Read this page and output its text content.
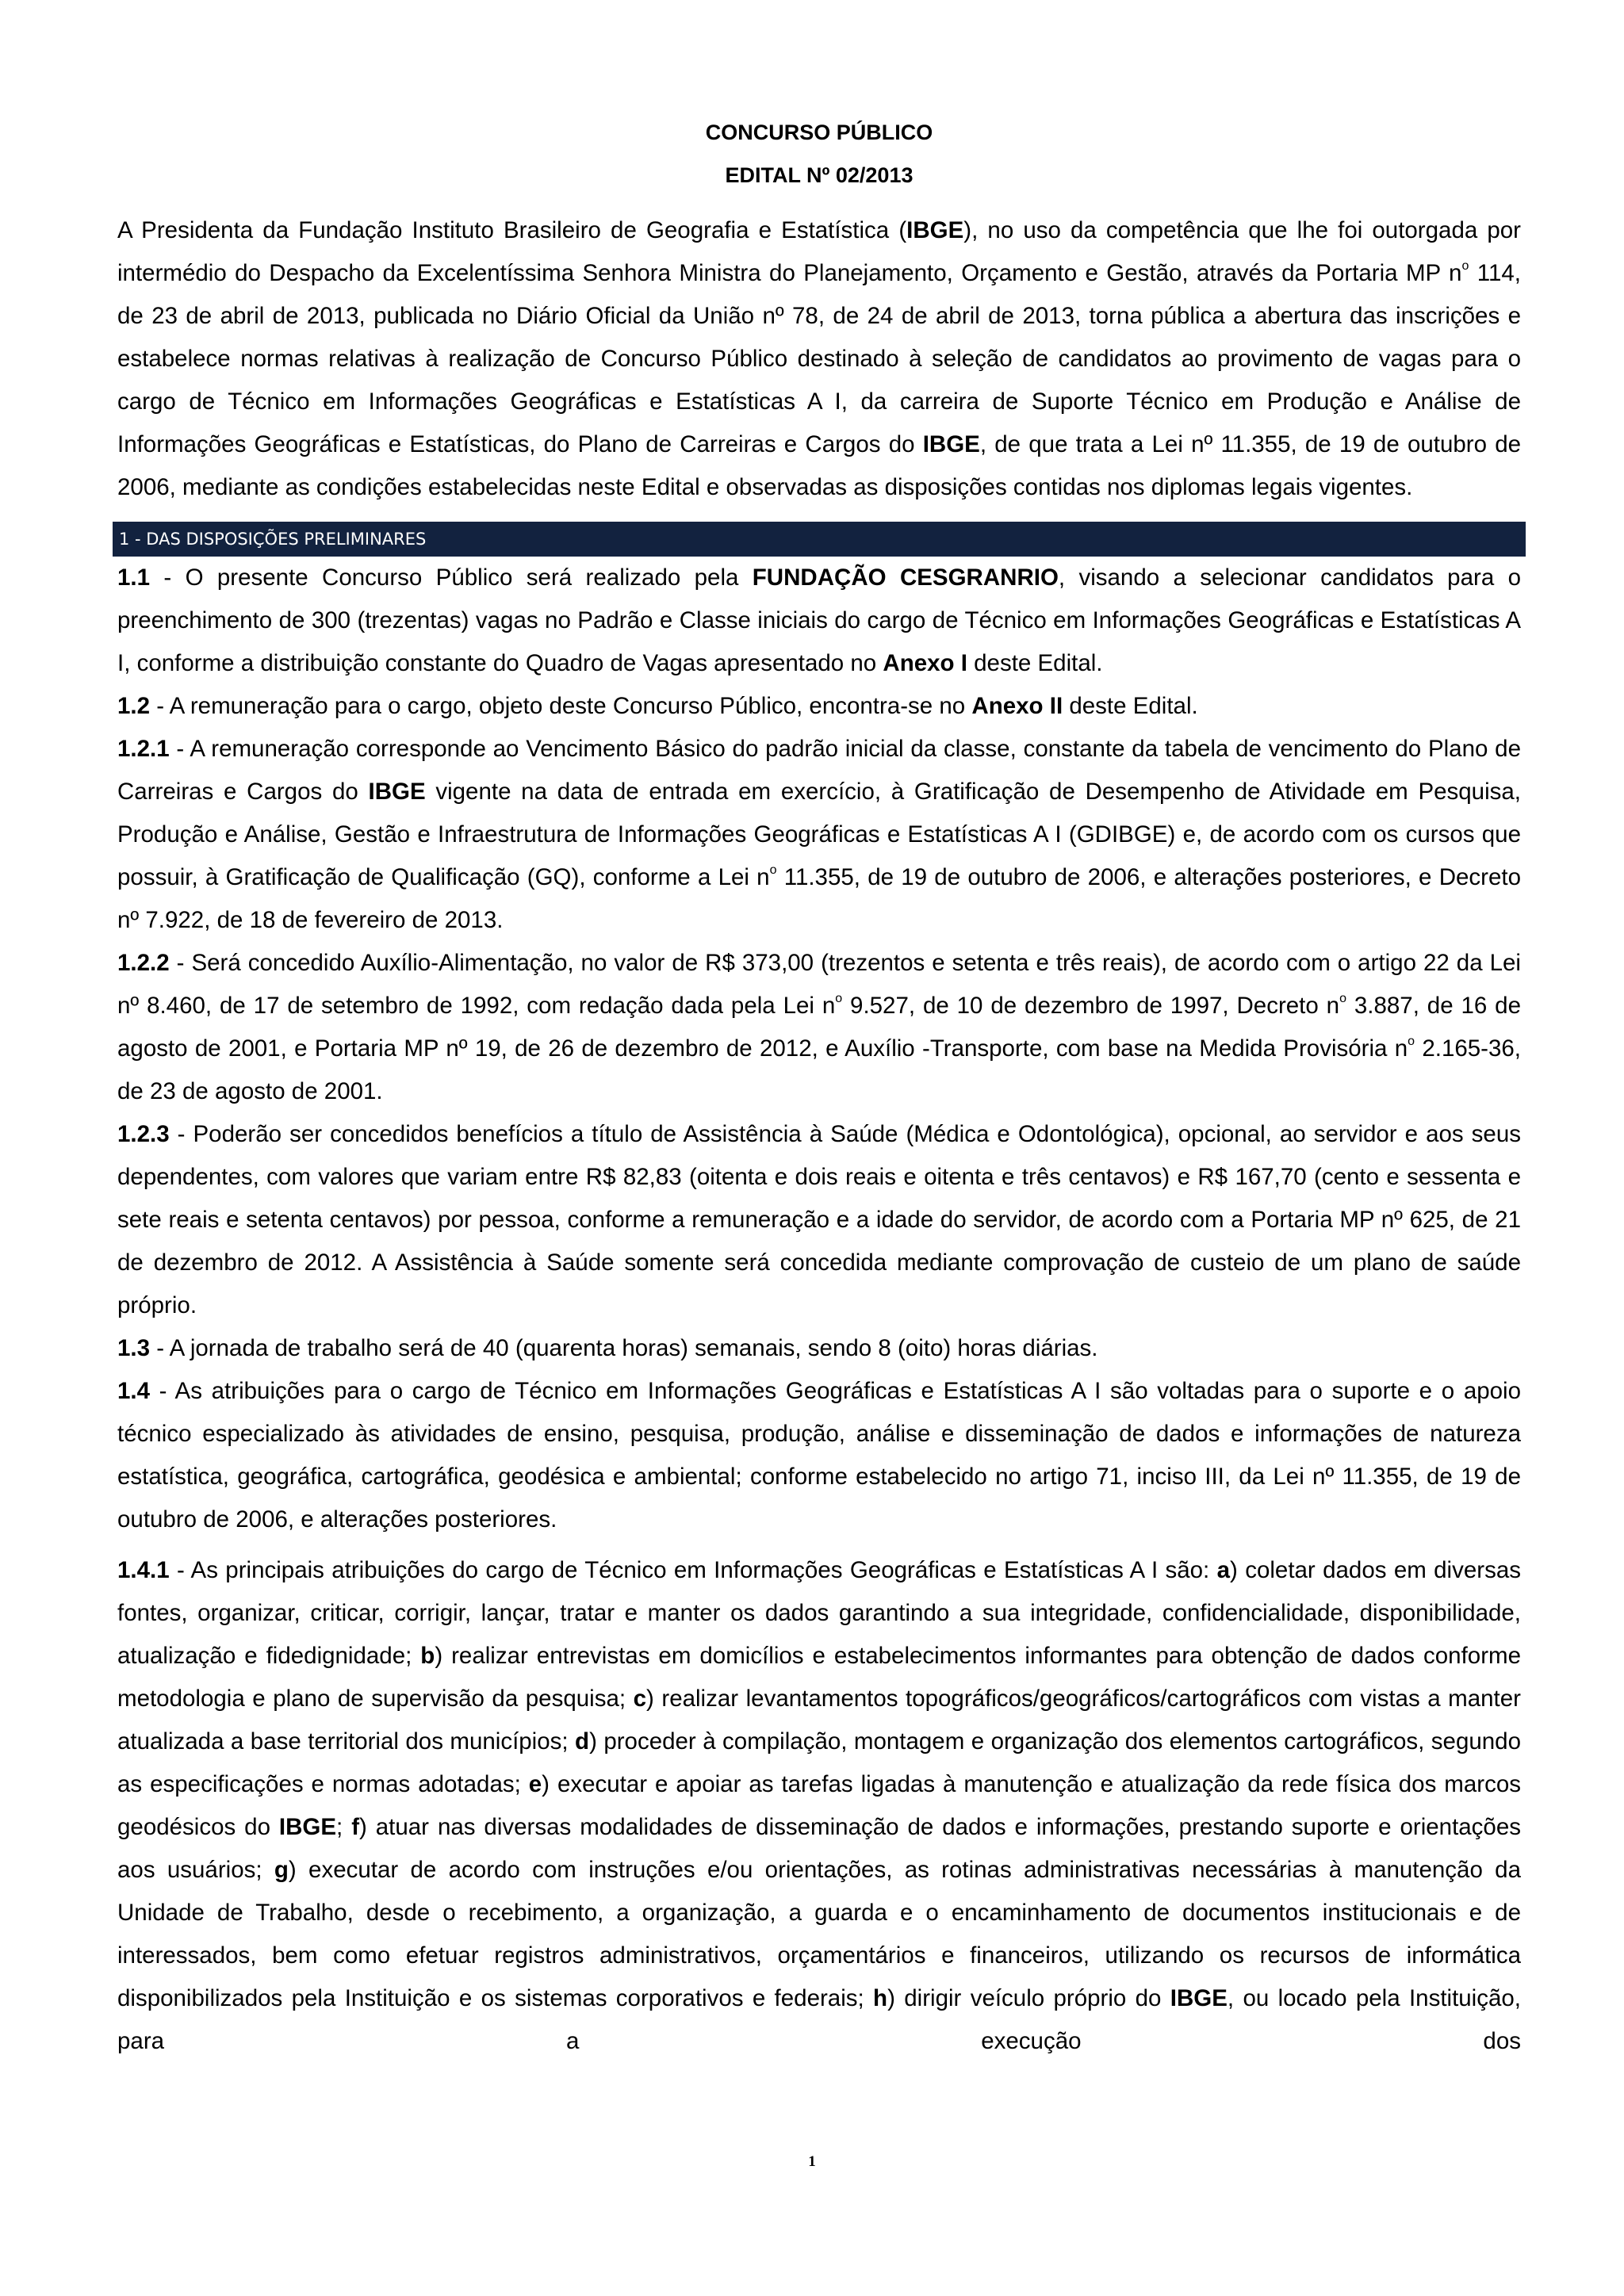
CONCURSO PÚBLICO
EDITAL Nº 02/2013

A Presidenta da Fundação Instituto Brasileiro de Geografia e Estatística (IBGE), no uso da competência que lhe foi outorgada por intermédio do Despacho da Excelentíssima Senhora Ministra do Planejamento, Orçamento e Gestão, através da Portaria MP $n^o$ 114, de 23 de abril de 2013, publicada no Diário Oficial da União nº 78, de 24 de abril de 2013, torna pública a abertura das inscrições e estabelece normas relativas à realização de Concurso Público destinado à seleção de candidatos ao provimento de vagas para o cargo de Técnico em Informações Geográficas e Estatísticas A I, da carreira de Suporte Técnico em Produção e Análise de Informações Geográficas e Estatísticas, do Plano de Carreiras e Cargos do IBGE, de que trata a Lei nº 11.355, de 19 de outubro de 2006, mediante as condições estabelecidas neste Edital e observadas as disposições contidas nos diplomas legais vigentes.

1 - DAS DISPOSIÇÕES PRELIMINARES

1.1 - O presente Concurso Público será realizado pela FUNDAÇÃO CESGRANRIO, visando a selecionar candidatos para o preenchimento de 300 (trezentas) vagas no Padrão e Classe iniciais do cargo de Técnico em Informações Geográficas e Estatísticas A I, conforme a distribuição constante do Quadro de Vagas apresentado no Anexo I deste Edital.

1.2 - A remuneração para o cargo, objeto deste Concurso Público, encontra-se no Anexo II deste Edital.

1.2.1 - A remuneração corresponde ao Vencimento Básico do padrão inicial da classe, constante da tabela de vencimento do Plano de Carreiras e Cargos do IBGE vigente na data de entrada em exercício, à Gratificação de Desempenho de Atividade em Pesquisa, Produção e Análise, Gestão e Infraestrutura de Informações Geográficas e Estatísticas A I (GDIBGE) e, de acordo com os cursos que possuir, à Gratificação de Qualificação (GQ), conforme a Lei $n^o$ 11.355, de 19 de outubro de 2006, e alterações posteriores, e Decreto nº 7.922, de 18 de fevereiro de 2013.

1.2.2 - Será concedido Auxílio-Alimentação, no valor de R$ 373,00 (trezentos e setenta e três reais), de acordo com o artigo 22 da Lei nº 8.460, de 17 de setembro de 1992, com redação dada pela Lei $n^o$ 9.527, de 10 de dezembro de 1997, Decreto $n^o$ 3.887, de 16 de agosto de 2001, e Portaria MP nº 19, de 26 de dezembro de 2012, e Auxílio -Transporte, com base na Medida Provisória $n^o$ 2.165-36, de 23 de agosto de 2001.

1.2.3 - Poderão ser concedidos benefícios a título de Assistência à Saúde (Médica e Odontológica), opcional, ao servidor e aos seus dependentes, com valores que variam entre R$ 82,83 (oitenta e dois reais e oitenta e três centavos) e R$ 167,70 (cento e sessenta e sete reais e setenta centavos) por pessoa, conforme a remuneração e a idade do servidor, de acordo com a Portaria MP nº 625, de 21 de dezembro de 2012. A Assistência à Saúde somente será concedida mediante comprovação de custeio de um plano de saúde próprio.

1.3 - A jornada de trabalho será de 40 (quarenta horas) semanais, sendo 8 (oito) horas diárias.

1.4 - As atribuições para o cargo de Técnico em Informações Geográficas e Estatísticas A I são voltadas para o suporte e o apoio técnico especializado às atividades de ensino, pesquisa, produção, análise e disseminação de dados e informações de natureza estatística, geográfica, cartográfica, geodésica e ambiental; conforme estabelecido no artigo 71, inciso III, da Lei nº 11.355, de 19 de outubro de 2006, e alterações posteriores.

1.4.1 - As principais atribuições do cargo de Técnico em Informações Geográficas e Estatísticas A I são: a) coletar dados em diversas fontes, organizar, criticar, corrigir, lançar, tratar e manter os dados garantindo a sua integridade, confidencialidade, disponibilidade, atualização e fidedignidade; b) realizar entrevistas em domicílios e estabelecimentos informantes para obtenção de dados conforme metodologia e plano de supervisão da pesquisa; c) realizar levantamentos topográficos/geográficos/cartográficos com vistas a manter atualizada a base territorial dos municípios; d) proceder à compilação, montagem e organização dos elementos cartográficos, segundo as especificações e normas adotadas; e) executar e apoiar as tarefas ligadas à manutenção e atualização da rede física dos marcos geodésicos do IBGE; f) atuar nas diversas modalidades de disseminação de dados e informações, prestando suporte e orientações aos usuários; g) executar de acordo com instruções e/ou orientações, as rotinas administrativas necessárias à manutenção da Unidade de Trabalho, desde o recebimento, a organização, a guarda e o encaminhamento de documentos institucionais e de interessados, bem como efetuar registros administrativos, orçamentários e financeiros, utilizando os recursos de informática disponibilizados pela Instituição e os sistemas corporativos e federais; h) dirigir veículo próprio do IBGE, ou locado pela Instituição, para a execução dos

1
